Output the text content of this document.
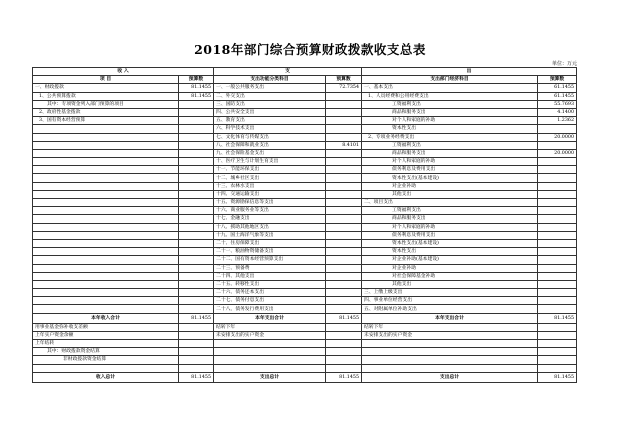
2018年部门综合预算财政拨款收支总表
单位：万元
收 入		支		出	
项 目	预算数	支出功能分类科目	预算数	支出部门经济科目	预算数
一、财政拨款	81.1455	一、一般公共服务支出	72.7354	一、基本支出	61.1455
1、公共预算拨款	81.1455	二、外交支出		1、人员经费和公用经费支出	61.1455
其中：专项资金列入部门预算的项目		三、国防支出		工资福利支出	55.7693
2、政府性基金拨款		四、公共安全支出		商品和服务支出	4.1400
3、国有资本经营预算		五、教育支出		对个人和家庭的补助	1.2362
		六、科学技术支出		资本性支出	
		七、文化体育与传媒支出		2、专项业务经费支出	20.0000
		八、社会保障和就业支出	8.4101	工资福利支出	
		九、社会保险基金支出		商品和服务支出	20.0000
		十、医疗卫生与计划生育支出		对个人和家庭的补助	
		十一、节能环保支出		债务利息及费用支出	
		十二、城乡社区支出		资本性支出(基本建设)	
		十三、农林水支出		对企业补助	
		十四、交通运输支出		其他支出	
		十五、资源勘探信息等支出		二、项目支出	
		十六、商业服务业等支出		工资福利支出	
		十七、金融支出		商品和服务支出	
		十八、援助其他地区支出		对个人和家庭的补助	
		十九、国土海洋气象等支出		债务利息及费用支出	
		二十、住房保障支出		资本性支出(基本建设)	
		二十一、粮油物资储备支出		资本性支出	
		二十二、国有资本经营预算支出		对企业补助(基本建设)	
		二十三、预备费		对企业补助	
		二十四、其他支出		对社会保障基金补助	
		二十五、转移性支出		其他支出	
		二十六、债务还本支出		三、上缴上级支出	
		二十七、债务付息支出		四、事业单位经营支出	
		二十八、债务发行费用支出		五、对附属单位补助支出	
本年收入合计	81.1455	本年支出合计	81.1455	本年支出合计	81.1455
用事业基金弥补收支差额		结转下年		结转下年	
上年实户资金余额		未安排支出的实户资金		未安排支出的实户资金	
上年结转					
其中：财政拨款资金结算					
非财政拨款资金结算					

收入总计	81.1455	支出总计	81.1455	支出总计	81.1455
